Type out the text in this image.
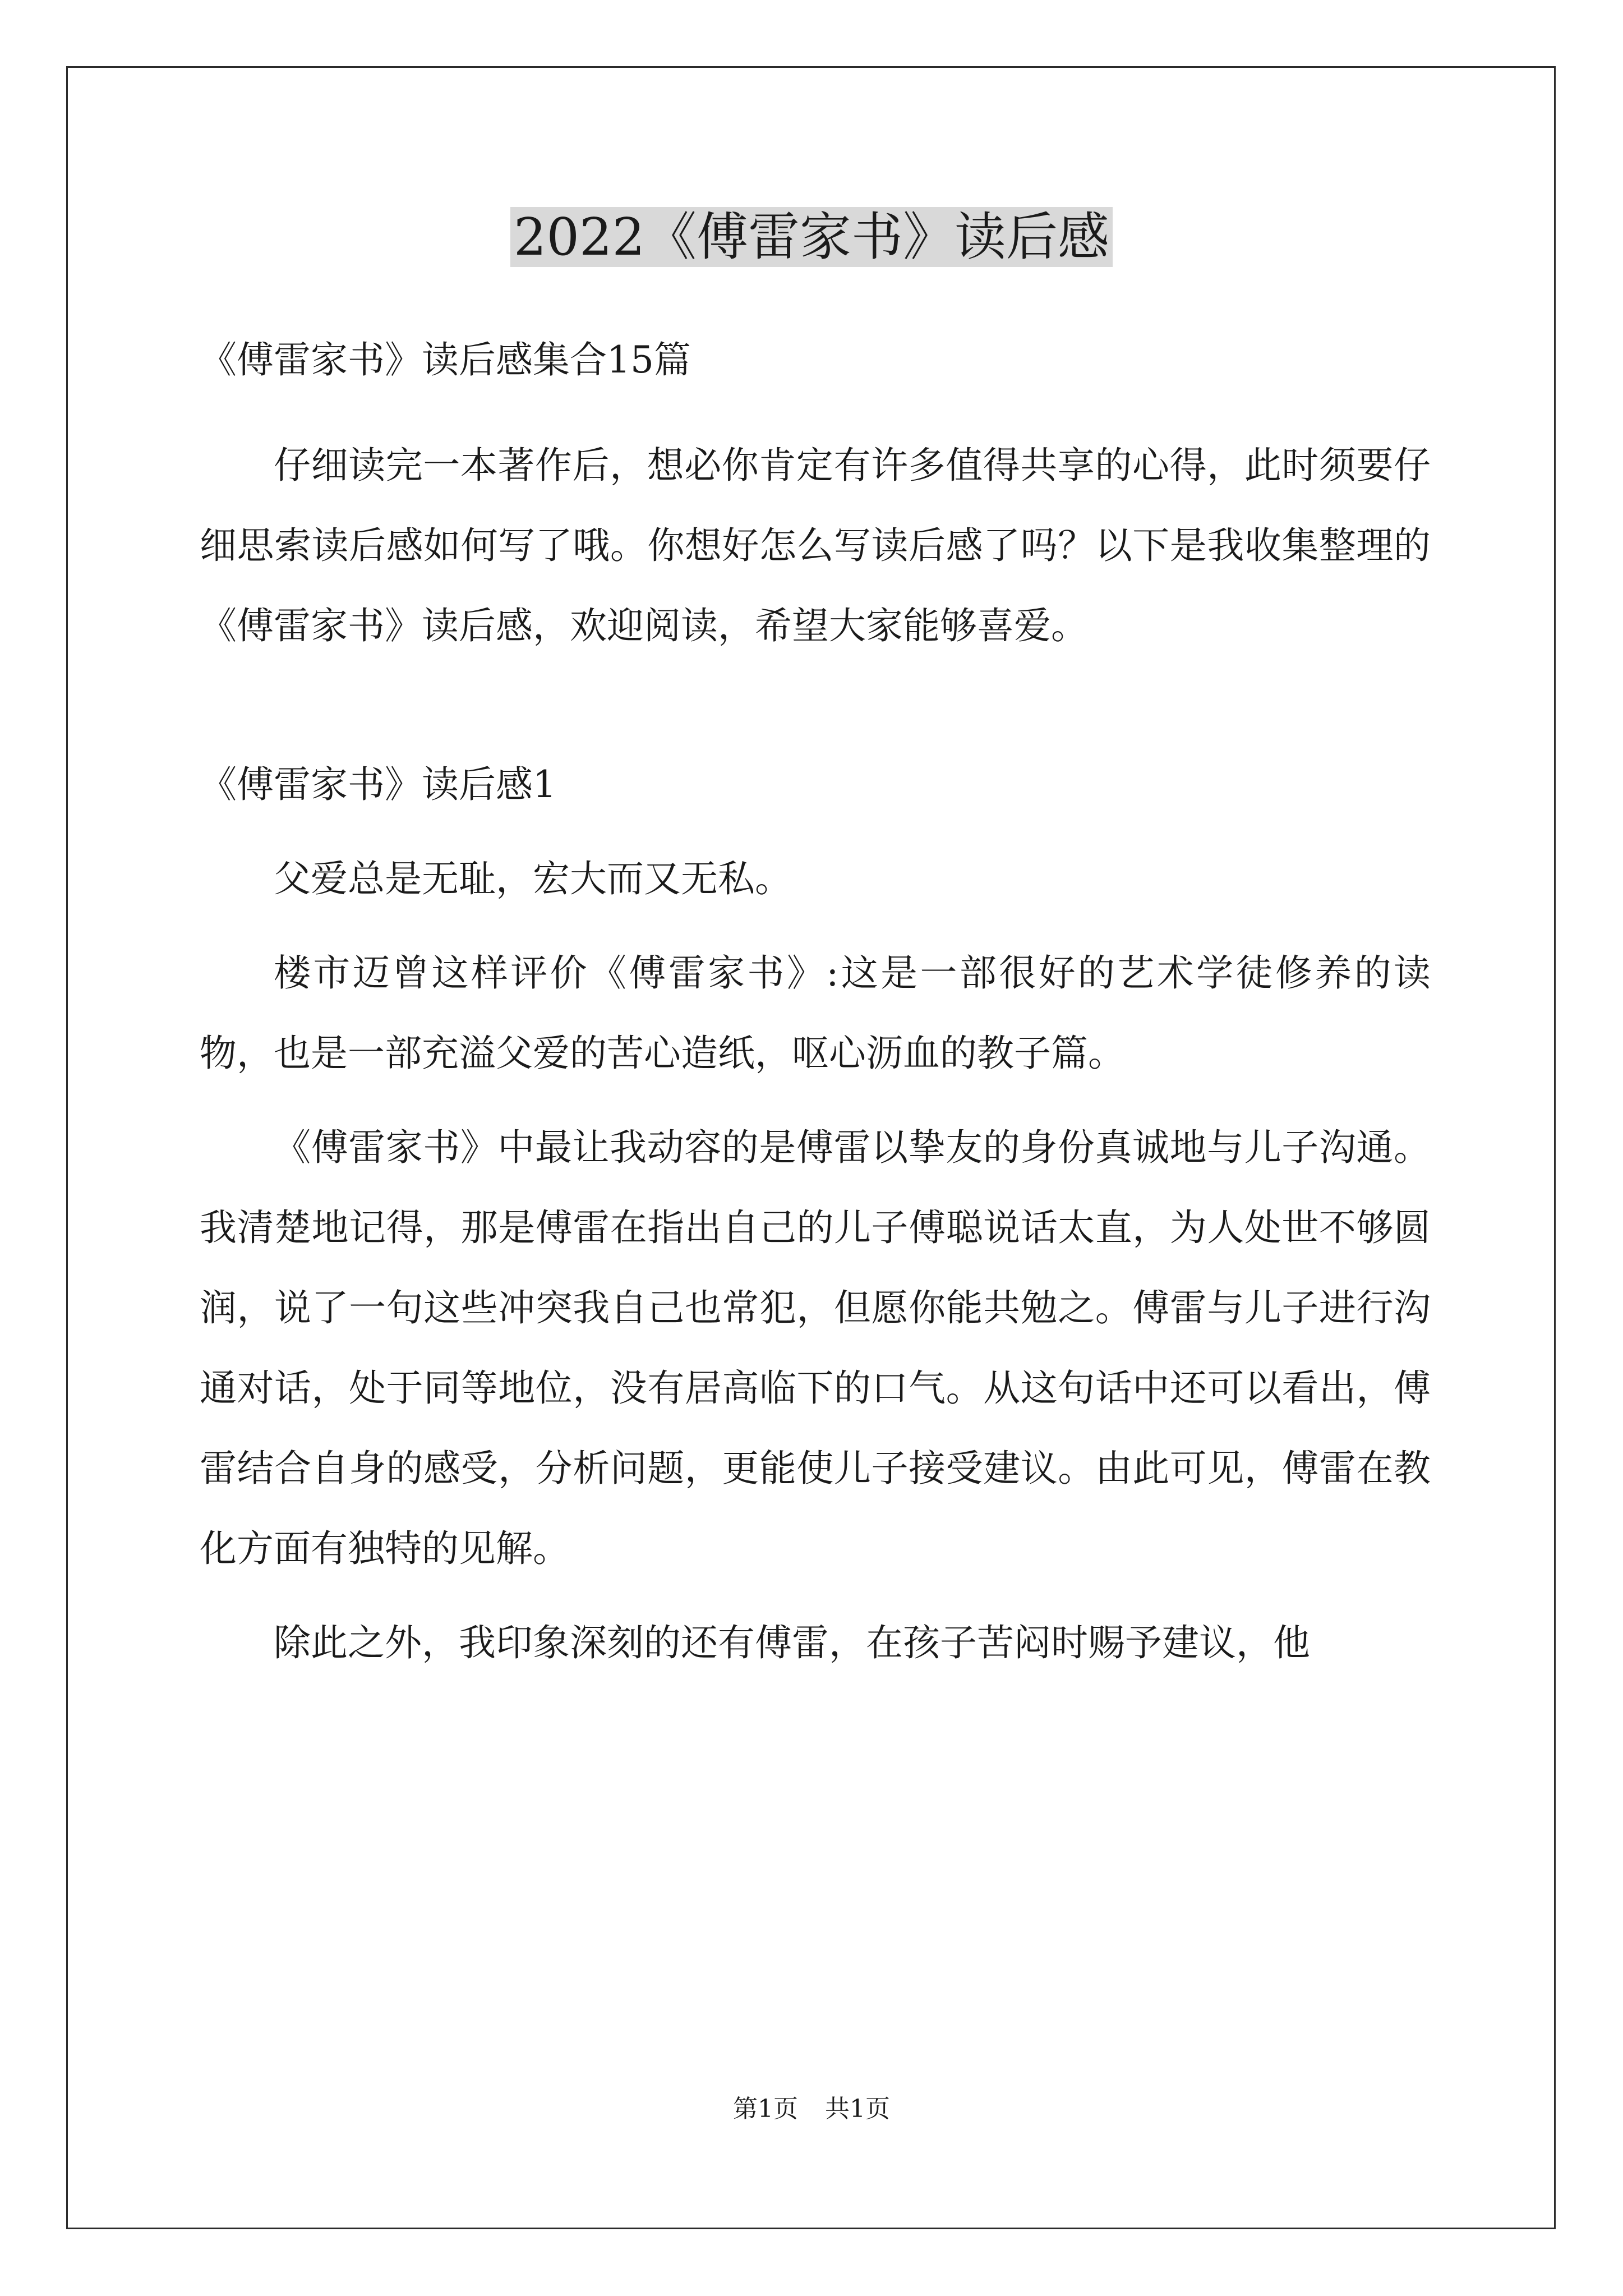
2022《傅雷家书》读后感

《傅雷家书》读后感集合15篇

仔细读完一本著作后，想必你肯定有许多值得共享的心得，此时须要仔细思索读后感如何写了哦。你想好怎么写读后感了吗？以下是我收集整理的《傅雷家书》读后感，欢迎阅读，希望大家能够喜爱。

《傅雷家书》读后感1

父爱总是无耻，宏大而又无私。

楼市迈曾这样评价《傅雷家书》:这是一部很好的艺术学徒修养的读物，也是一部充溢父爱的苦心造纸，呕心沥血的教子篇。

《傅雷家书》中最让我动容的是傅雷以挚友的身份真诚地与儿子沟通。我清楚地记得，那是傅雷在指出自己的儿子傅聪说话太直，为人处世不够圆润，说了一句这些冲突我自己也常犯，但愿你能共勉之。傅雷与儿子进行沟通对话，处于同等地位，没有居高临下的口气。从这句话中还可以看出，傅雷结合自身的感受，分析问题，更能使儿子接受建议。由此可见，傅雷在教化方面有独特的见解。

除此之外，我印象深刻的还有傅雷，在孩子苦闷时赐予建议，他

第1页 共1页
